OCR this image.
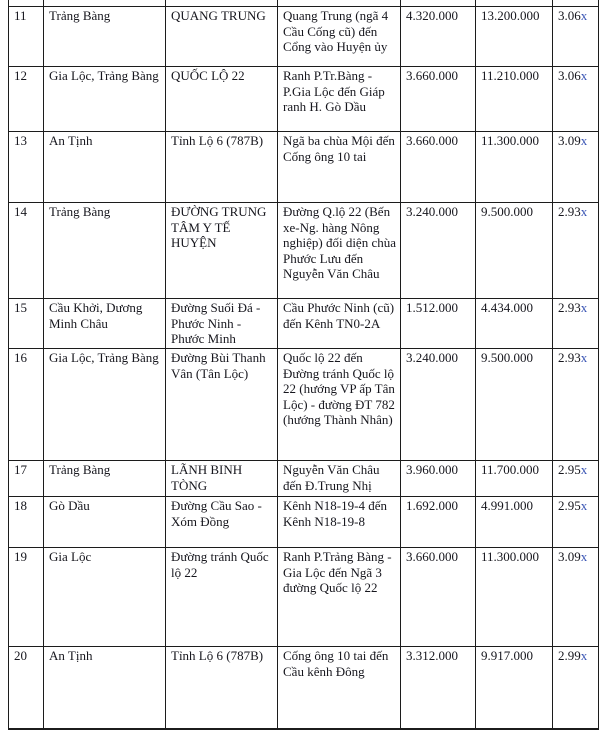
11	Trảng Bàng	QUANG TRUNG	Quang Trung (ngã 4 Cầu Cống cũ) đến Cổng vào Huyện ủy	4.320.000	13.200.000	3.06x
12	Gia Lộc, Trảng Bàng	QUỐC LỘ 22	Ranh P.Tr.Bàng - P.Gia Lộc đến Giáp ranh H. Gò Dầu	3.660.000	11.210.000	3.06x
13	An Tịnh	Tỉnh Lộ 6 (787B)	Ngã ba chùa Mội đến Cống ông 10 tai	3.660.000	11.300.000	3.09x
14	Trảng Bàng	ĐƯỜNG TRUNG TÂM Y TẾ HUYỆN	Đường Q.lộ 22 (Bến xe-Ng. hàng Nông nghiệp) đối diện chùa Phước Lưu đến Nguyễn Văn Châu	3.240.000	9.500.000	2.93x
15	Cầu Khởi, Dương Minh Châu	Đường Suối Đá - Phước Ninh - Phước Minh	Cầu Phước Ninh (cũ) đến Kênh TN0-2A	1.512.000	4.434.000	2.93x
16	Gia Lộc, Trảng Bàng	Đường Bùi Thanh Vân (Tân Lộc)	Quốc lộ 22 đến Đường tránh Quốc lộ 22 (hướng VP ấp Tân Lộc) - đường ĐT 782 (hướng Thành Nhân)	3.240.000	9.500.000	2.93x
17	Trảng Bàng	LÃNH BINH TÒNG	Nguyễn Văn Châu đến Đ.Trung Nhị	3.960.000	11.700.000	2.95x
18	Gò Dầu	Đường Cầu Sao - Xóm Đồng	Kênh N18-19-4 đến Kênh N18-19-8	1.692.000	4.991.000	2.95x
19	Gia Lộc	Đường tránh Quốc lộ 22	Ranh P.Trảng Bàng - Gia Lộc đến Ngã 3 đường Quốc lộ 22	3.660.000	11.300.000	3.09x
20	An Tịnh	Tỉnh Lộ 6 (787B)	Cống ông 10 tai đến Cầu kênh Đông	3.312.000	9.917.000	2.99x
